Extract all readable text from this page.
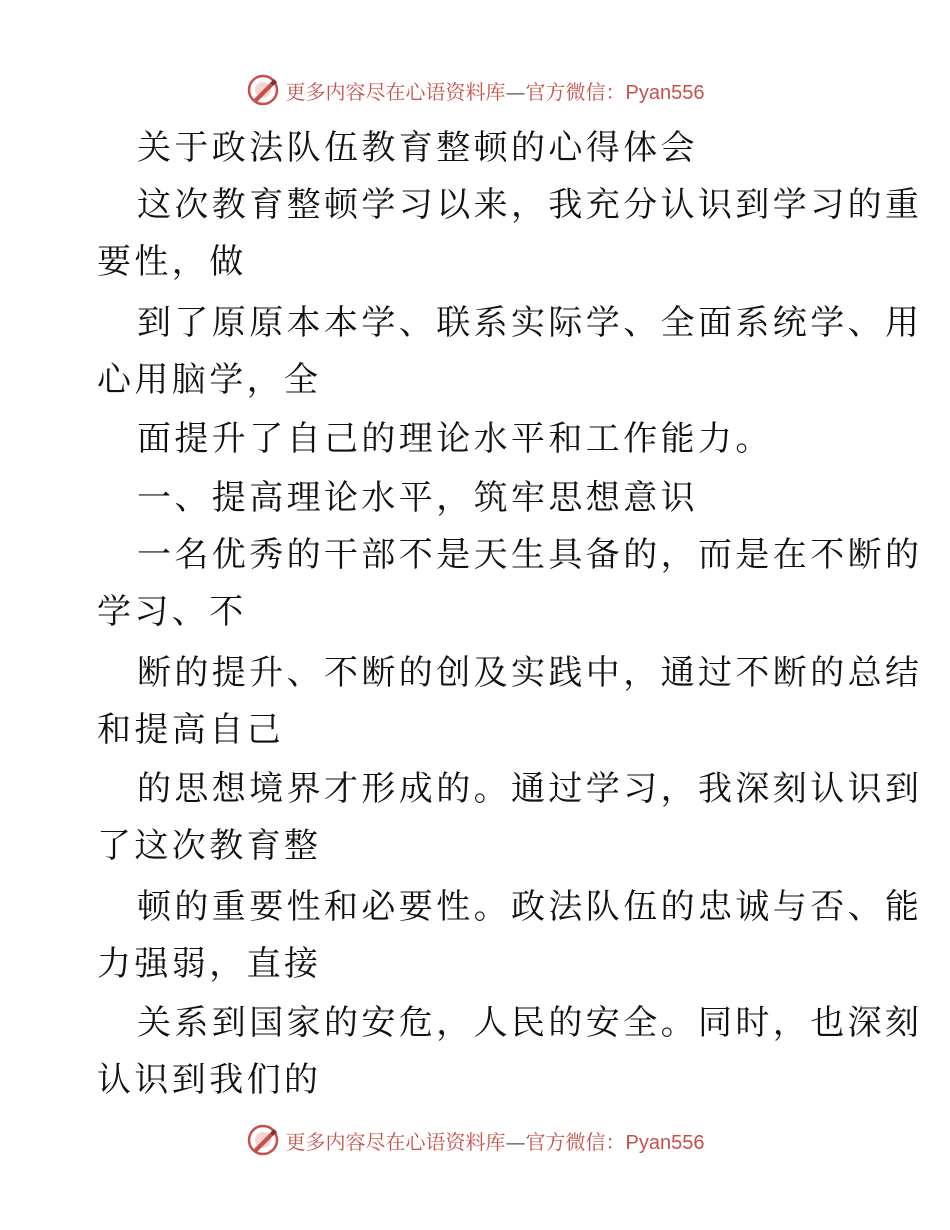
更多内容尽在心语资料库—官方微信：Pyan556
关于政法队伍教育整顿的心得体会
这次教育整顿学习以来，我充分认识到学习的重
要性，做
到了原原本本学、联系实际学、全面系统学、用
心用脑学，全
面提升了自己的理论水平和工作能力。
一、提高理论水平，筑牢思想意识
一名优秀的干部不是天生具备的，而是在不断的
学习、不
断的提升、不断的创及实践中，通过不断的总结
和提高自己
的思想境界才形成的。通过学习，我深刻认识到
了这次教育整
顿的重要性和必要性。政法队伍的忠诚与否、能
力强弱，直接
关系到国家的安危，人民的安全。同时，也深刻
认识到我们的
更多内容尽在心语资料库—官方微信：Pyan556
